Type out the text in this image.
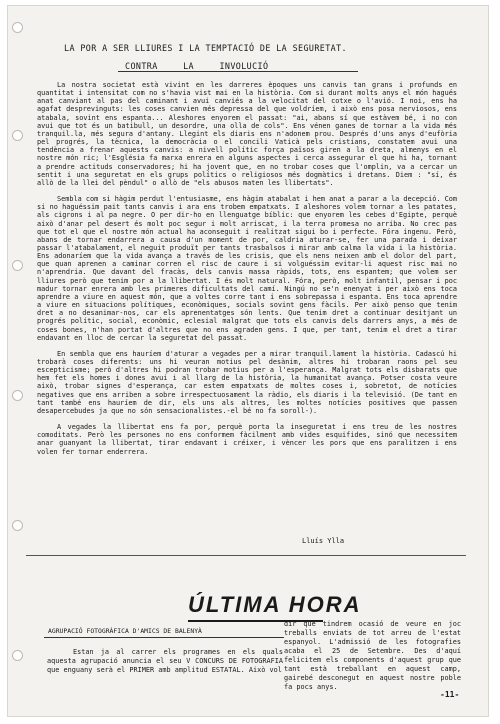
LA POR A SER LLIURES I LA TEMPTACIÓ DE LA SEGURETAT.
CONTRA	LA	INVOLUCIÓ

La nostra societat està vivint en les darreres èpoques uns canvis tan grans i profunds en quantitat i intensitat com no s'havia vist mai en la història. Com si durant molts anys el món hagués anat canviant al pas del caminant i avui canviés a la velocitat del cotxe o l'avió. I noi, ens ha agafat desprevinguts: les coses canvien més depressa del que voldríem, i això ens posa nerviosos, ens atabala, sovint ens espanta... Aleshores enyorem el passat: "ai, abans sí que estàvem bé, i no con avui que tot és un batibull, un desordre, una olla de cols". Ens vénen ganes de tornar a la vida més tranquil.la, més segura d'antany. Llegint els diaris ens n'adonem prou. Després d'uns anys d'eufòria pel progrés, la tècnica, la democràcia o el concili Vaticà pels cristians, constatem avui una tendència a frenar aquests canvis: a nivell polític força països giren a la dreta, almenys en el nostre món ric; l'Església fa marxa enrera en alguns aspectes i cerca assegurar el que hi ha, tornant a prendre actituds conservadores; hi ha jovent que, en no trobar coses que l'omplin, va a cercar un sentit i una seguretat en els grups polítics o religiosos més dogmàtics i dretans. Diem : "sí, és allò de la llei del pèndul" o allò de "els abusos maten les llibertats".

Sembla com si hàgim perdut l'entusiasme, ens hàgim atabalat i hem anat a parar a la decepció. Com si no haguéssim pait tants canvis i ara ens trobem empatxats. I aleshores volem tornar a les patates, als cigrons i al pa negre. O per dir-ho en llenguatge bíblic: que enyorem les cebes d'Egipte, perquè això d'anar pel desert és molt poc segur i molt arriscat, i la terra promesa no arriba. No crec pas que tot el que el nostre món actual ha aconseguit i realitzat sigui bo i perfecte. Fóra ingenu. Però, abans de tornar endarrera a causa d'un moment de por, caldria aturar-se, fer una parada i deixar passar l'atabalament, el neguit produït per tants trasbalsos i mirar amb calma la vida i la història. Ens adonaríem que la vida avança a través de les crisis, que els nens neixen amb el dolor del part, que quan aprenen a caminar corren el risc de caure i si volguéssim evitar-li aquest risc mai no n'aprendria. Que davant del fracàs, dels canvis massa ràpids, tots, ens espantem; que volem ser lliures però que tenim por a la llibertat. I és molt natural. Fóra, però, molt infantil, pensar i poc madur tornar enrera amb les primeres dificultats del camí. Ningú no se'n enenyat i per això ens toca aprendre a viure en aquest món, que a voltes corre tant i ens sobrepassa i espanta. Ens toca aprendre a viure en situacions polítiques, econòmiques, socials sovint gens fàcils. Per això penso que tenim dret a no desanimar-nos, car els aprenentatges són lents. Que tenim dret a continuar desitjant un progrés polític, social, econòmic, eclesial malgrat que tots els canvis dels darrers anys, a més de coses bones, n'han portat d'altres que no ens agraden gens. I que, per tant, tenim el dret a tirar endavant en lloc de cercar la seguretat del passat.

En sembla que ens hauríem d'aturar a vegades per a mirar tranquil.lament la història. Cadascú hi trobarà coses diferents: uns hi veuran motius pel desànim, altres hi trobaran raons pel seu escepticisme; però d'altres hi podran trobar motius per a l'esperança. Malgrat tots els disbarats que hem fet els homes i dones avui i al llarg de la història, la humanitat avança. Potser costa veure això, trobar signes d'esperança, car estem empatxats de moltes coses i, sobretot, de notícies negatives que ens arriben a sobre irrespectuosament la ràdio, els diaris i la televisió. (De tant en tant també ens hauríem de dir, els uns als altres, les moltes notícies positives que passen desapercebudes ja que no són sensacionalistes.-el bé no fa soroll-).

A vegades la llibertat ens fa por, perquè porta la inseguretat i ens treu de les nostres comoditats. Però les persones no ens conformem fàcilment amb vides esquifides, sinó que necessitem anar guanyant la llibertat, tirar endavant i créixer, i vèncer les pors que ens paralitzen i ens volen fer tornar enderrera.

Lluís Ylla
ÚLTIMA HORA
AGRUPACIÓ FOTOGRÀFICA D'AMICS DE BALENYÀ

Estan ja al carrer els programes en els quals aquesta agrupació anuncia el seu V CONCURS DE FOTOGRAFIA que enguany serà el PRIMER amb amplitud ESTATAL. Això vol

dir que tindrem ocasió de veure en joc treballs enviats de tot arreu de l'estat espanyol. L'admissió de les fotografies acaba el 25 de Setembre. Des d'aquí felicitem els components d'aquest grup que tant està treballant en aquest camp, gairebé desconegut en aquest nostre poble fa pocs anys.

-11-
